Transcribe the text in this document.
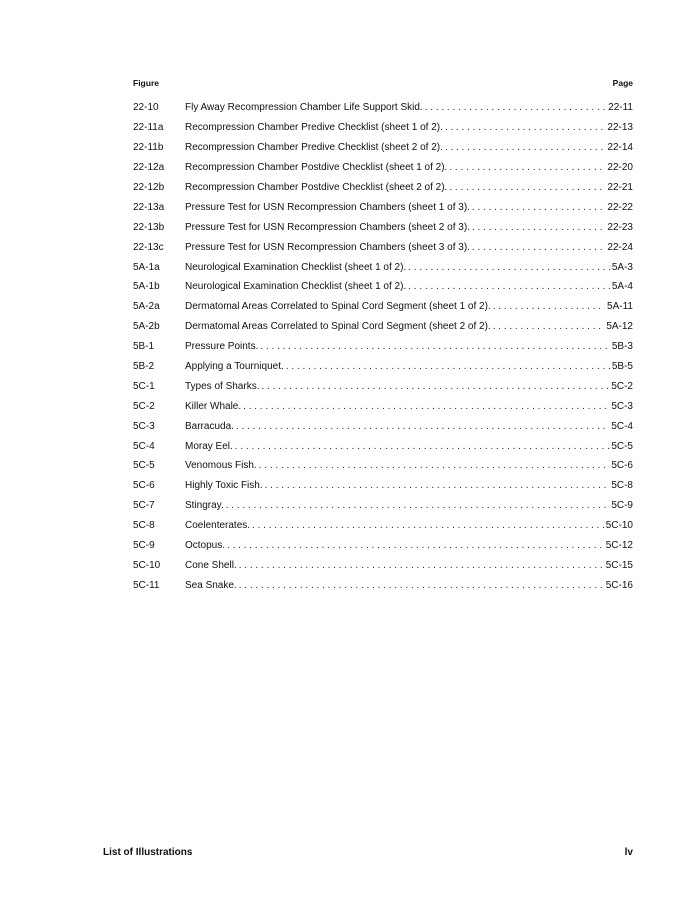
Figure	Page
22-10	Fly Away Recompression Chamber Life Support Skid. . . .	22-11
22-11a	Recompression Chamber Predive Checklist (sheet 1 of 2). . . .	22-13
22-11b	Recompression Chamber Predive Checklist (sheet 2 of 2). . . .	22-14
22-12a	Recompression Chamber Postdive Checklist (sheet 1 of 2). . . .	22-20
22-12b	Recompression Chamber Postdive Checklist (sheet 2 of 2). . . .	22-21
22-13a	Pressure Test for USN Recompression Chambers (sheet 1 of 3). . . .	22-22
22-13b	Pressure Test for USN Recompression Chambers (sheet 2 of 3). . . .	22-23
22-13c	Pressure Test for USN Recompression Chambers (sheet 3 of 3). . . .	22-24
5A-1a	Neurological Examination Checklist (sheet 1 of 2). . . .	5A-3
5A-1b	Neurological Examination Checklist (sheet 1 of 2). . . .	5A-4
5A-2a	Dermatomal Areas Correlated to Spinal Cord Segment (sheet 1 of 2). . . .	5A-11
5A-2b	Dermatomal Areas Correlated to Spinal Cord Segment (sheet 2 of 2). . . .	5A-12
5B-1	Pressure Points. . . .	5B-3
5B-2	Applying a Tourniquet. . . .	5B-5
5C-1	Types of Sharks. . . .	5C-2
5C-2	Killer Whale. . . .	5C-3
5C-3	Barracuda. . . .	5C-4
5C-4	Moray Eel. . . .	5C-5
5C-5	Venomous Fish. . . .	5C-6
5C-6	Highly Toxic Fish. . . .	5C-8
5C-7	Stingray. . . .	5C-9
5C-8	Coelenterates. . . .	5C-10
5C-9	Octopus. . . .	5C-12
5C-10	Cone Shell. . . .	5C-15
5C-11	Sea Snake. . . .	5C-16
List of Illustrations	lv
